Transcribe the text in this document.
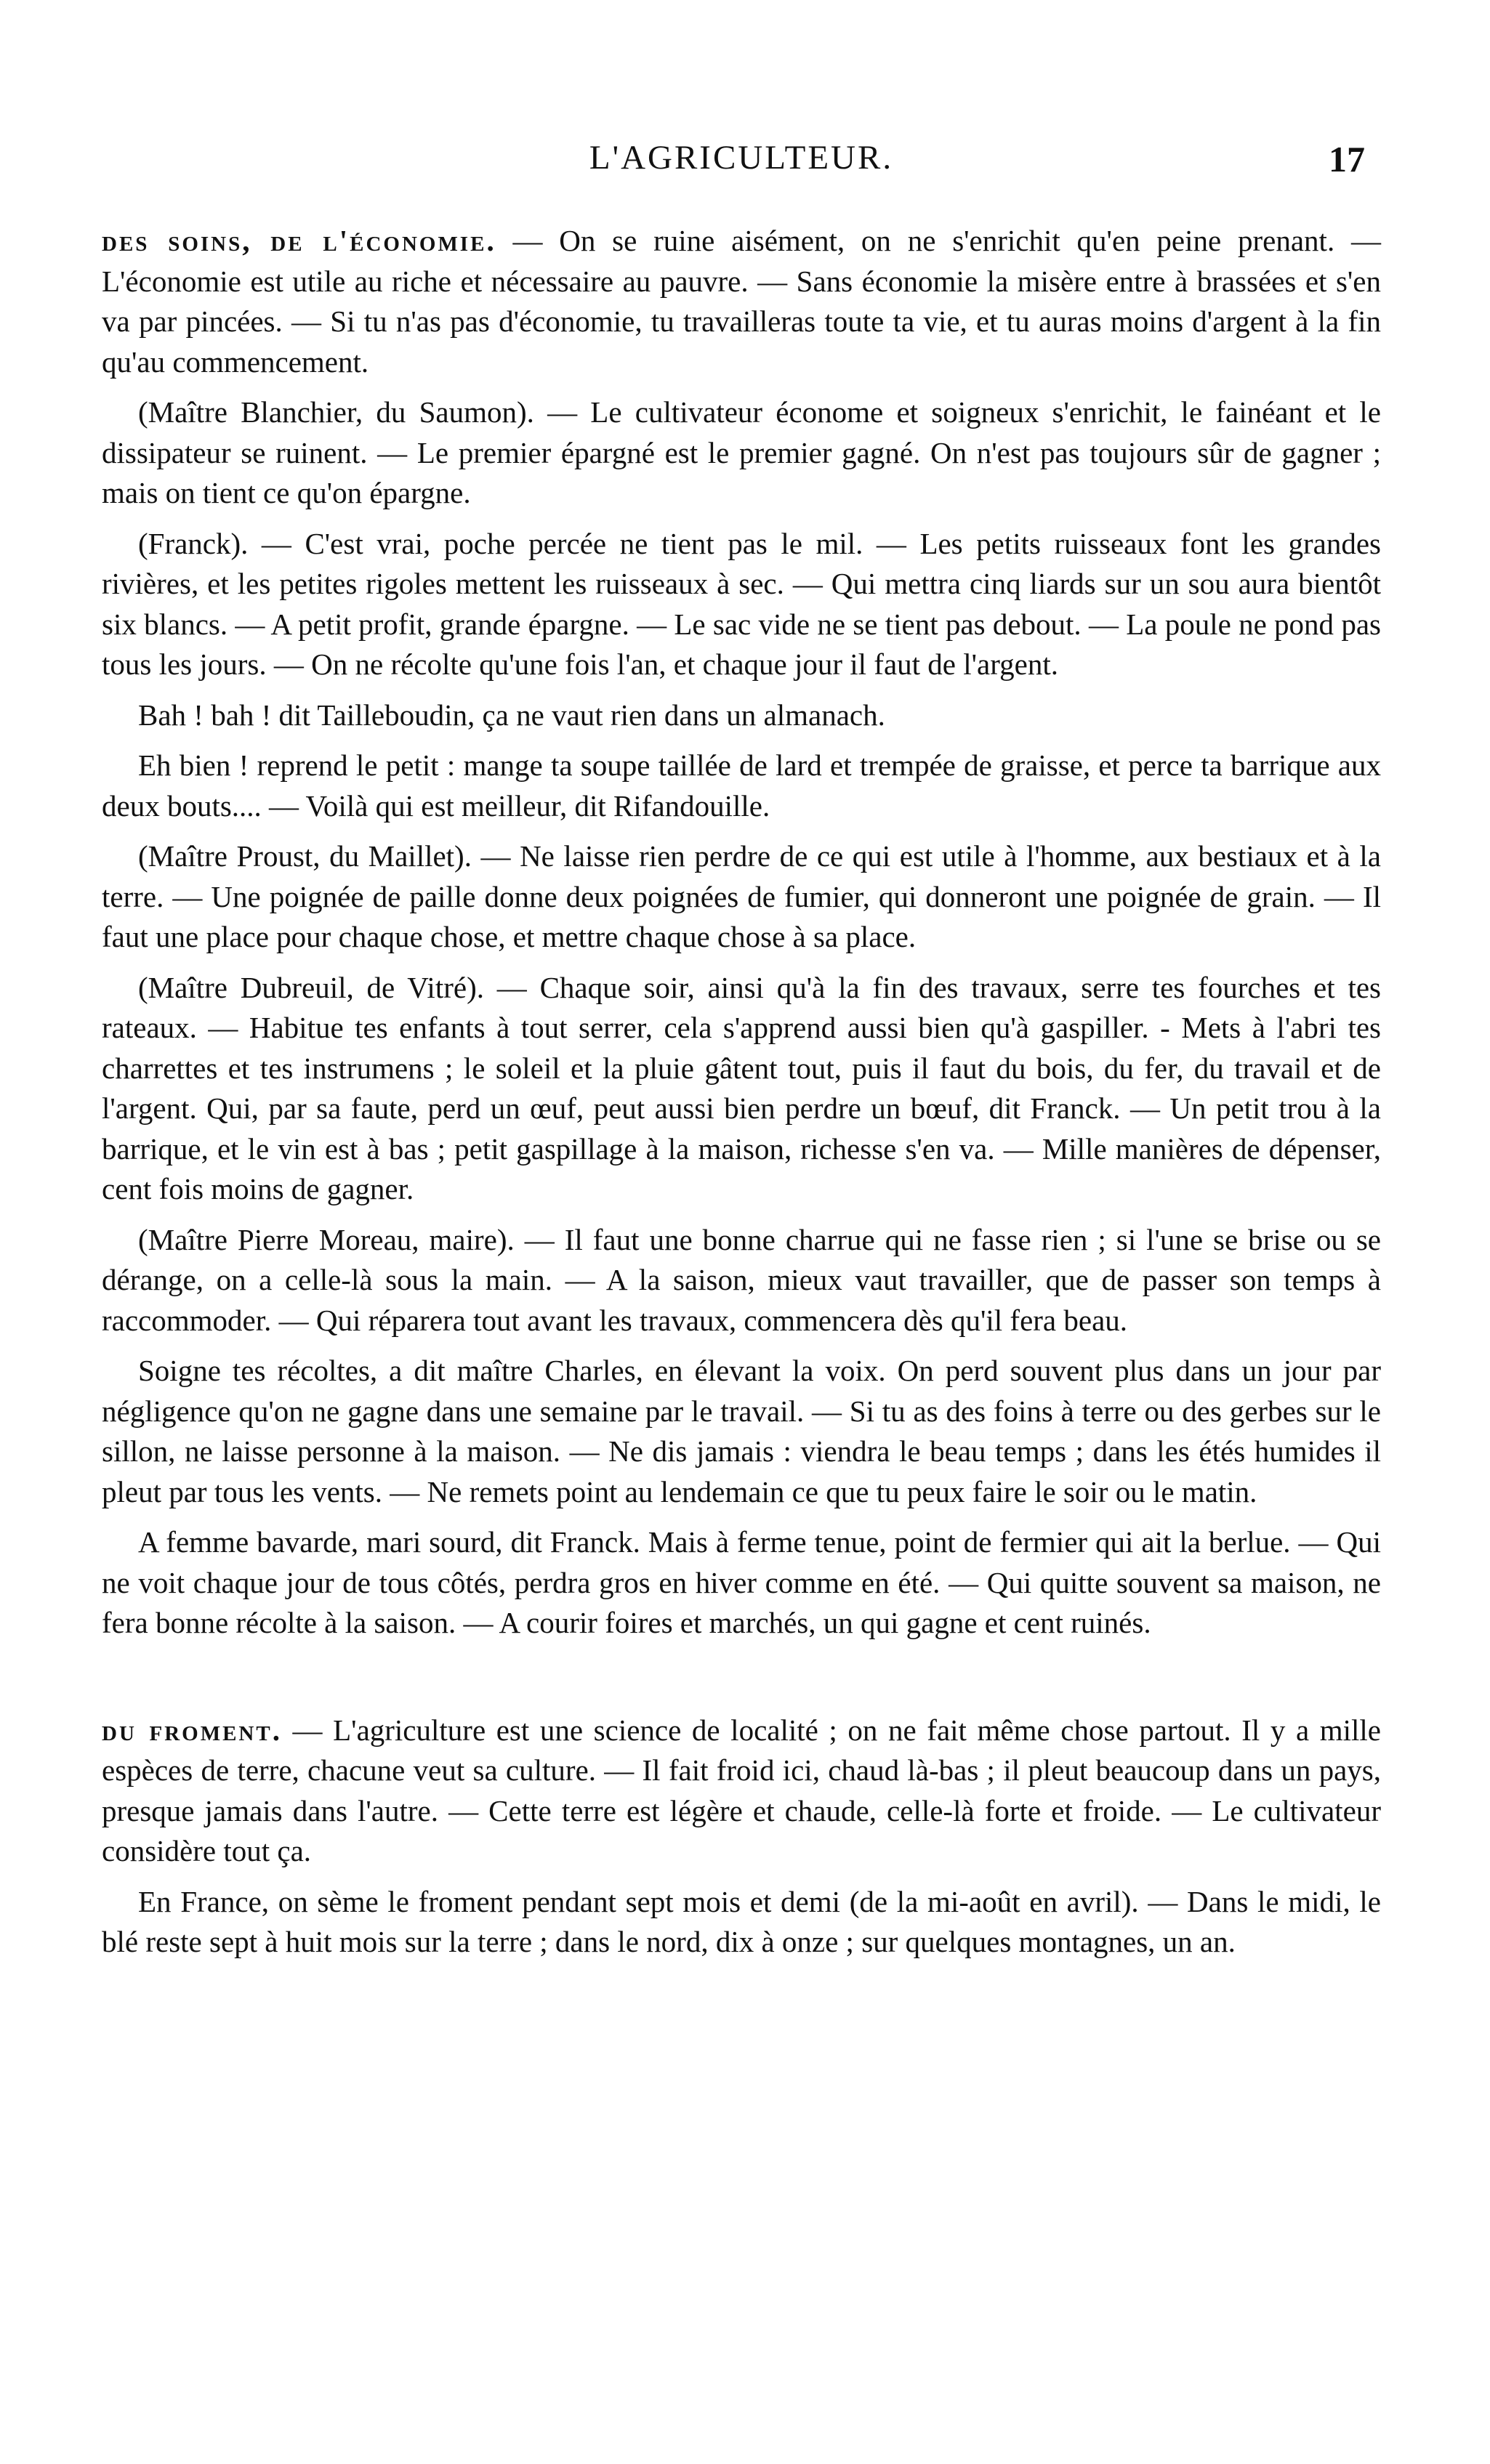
L'AGRICULTEUR.	17

des soins, de l'économie. — On se ruine aisément, on ne s'enrichit qu'en peine prenant. — L'économie est utile au riche et nécessaire au pauvre. — Sans économie la misère entre à brassées et s'en va par pincées. — Si tu n'as pas d'économie, tu travailleras toute ta vie, et tu auras moins d'argent à la fin qu'au commencement.

(Maître Blanchier, du Saumon). — Le cultivateur économe et soigneux s'enrichit, le fainéant et le dissipateur se ruinent. — Le premier épargné est le premier gagné. On n'est pas toujours sûr de gagner ; mais on tient ce qu'on épargne.

(Franck). — C'est vrai, poche percée ne tient pas le mil. — Les petits ruisseaux font les grandes rivières, et les petites rigoles mettent les ruisseaux à sec. — Qui mettra cinq liards sur un sou aura bientôt six blancs. — A petit profit, grande épargne. — Le sac vide ne se tient pas debout. — La poule ne pond pas tous les jours. — On ne récolte qu'une fois l'an, et chaque jour il faut de l'argent.

Bah ! bah ! dit Tailleboudin, ça ne vaut rien dans un almanach.

Eh bien ! reprend le petit : mange ta soupe taillée de lard et trempée de graisse, et perce ta barrique aux deux bouts.... — Voilà qui est meilleur, dit Rifandouille.

(Maître Proust, du Maillet). — Ne laisse rien perdre de ce qui est utile à l'homme, aux bestiaux et à la terre. — Une poignée de paille donne deux poignées de fumier, qui donneront une poignée de grain. — Il faut une place pour chaque chose, et mettre chaque chose à sa place.

(Maître Dubreuil, de Vitré). — Chaque soir, ainsi qu'à la fin des travaux, serre tes fourches et tes rateaux. — Habitue tes enfants à tout serrer, cela s'apprend aussi bien qu'à gaspiller. - Mets à l'abri tes charrettes et tes instrumens ; le soleil et la pluie gâtent tout, puis il faut du bois, du fer, du travail et de l'argent. Qui, par sa faute, perd un œuf, peut aussi bien perdre un bœuf, dit Franck. — Un petit trou à la barrique, et le vin est à bas ; petit gaspillage à la maison, richesse s'en va. — Mille manières de dépenser, cent fois moins de gagner.

(Maître Pierre Moreau, maire). — Il faut une bonne charrue qui ne fasse rien ; si l'une se brise ou se dérange, on a celle-là sous la main. — A la saison, mieux vaut travailler, que de passer son temps à raccommoder. — Qui réparera tout avant les travaux, commencera dès qu'il fera beau.

Soigne tes récoltes, a dit maître Charles, en élevant la voix. On perd souvent plus dans un jour par négligence qu'on ne gagne dans une semaine par le travail. — Si tu as des foins à terre ou des gerbes sur le sillon, ne laisse personne à la maison. — Ne dis jamais : viendra le beau temps ; dans les étés humides il pleut par tous les vents. — Ne remets point au lendemain ce que tu peux faire le soir ou le matin.

A femme bavarde, mari sourd, dit Franck. Mais à ferme tenue, point de fermier qui ait la berlue. — Qui ne voit chaque jour de tous côtés, perdra gros en hiver comme en été. — Qui quitte souvent sa maison, ne fera bonne récolte à la saison. — A courir foires et marchés, un qui gagne et cent ruinés.

du froment. — L'agriculture est une science de localité ; on ne fait même chose partout. Il y a mille espèces de terre, chacune veut sa culture. — Il fait froid ici, chaud là-bas ; il pleut beaucoup dans un pays, presque jamais dans l'autre. — Cette terre est légère et chaude, celle-là forte et froide. — Le cultivateur considère tout ça.

En France, on sème le froment pendant sept mois et demi (de la mi-août en avril). — Dans le midi, le blé reste sept à huit mois sur la terre ; dans le nord, dix à onze ; sur quelques montagnes, un an.
